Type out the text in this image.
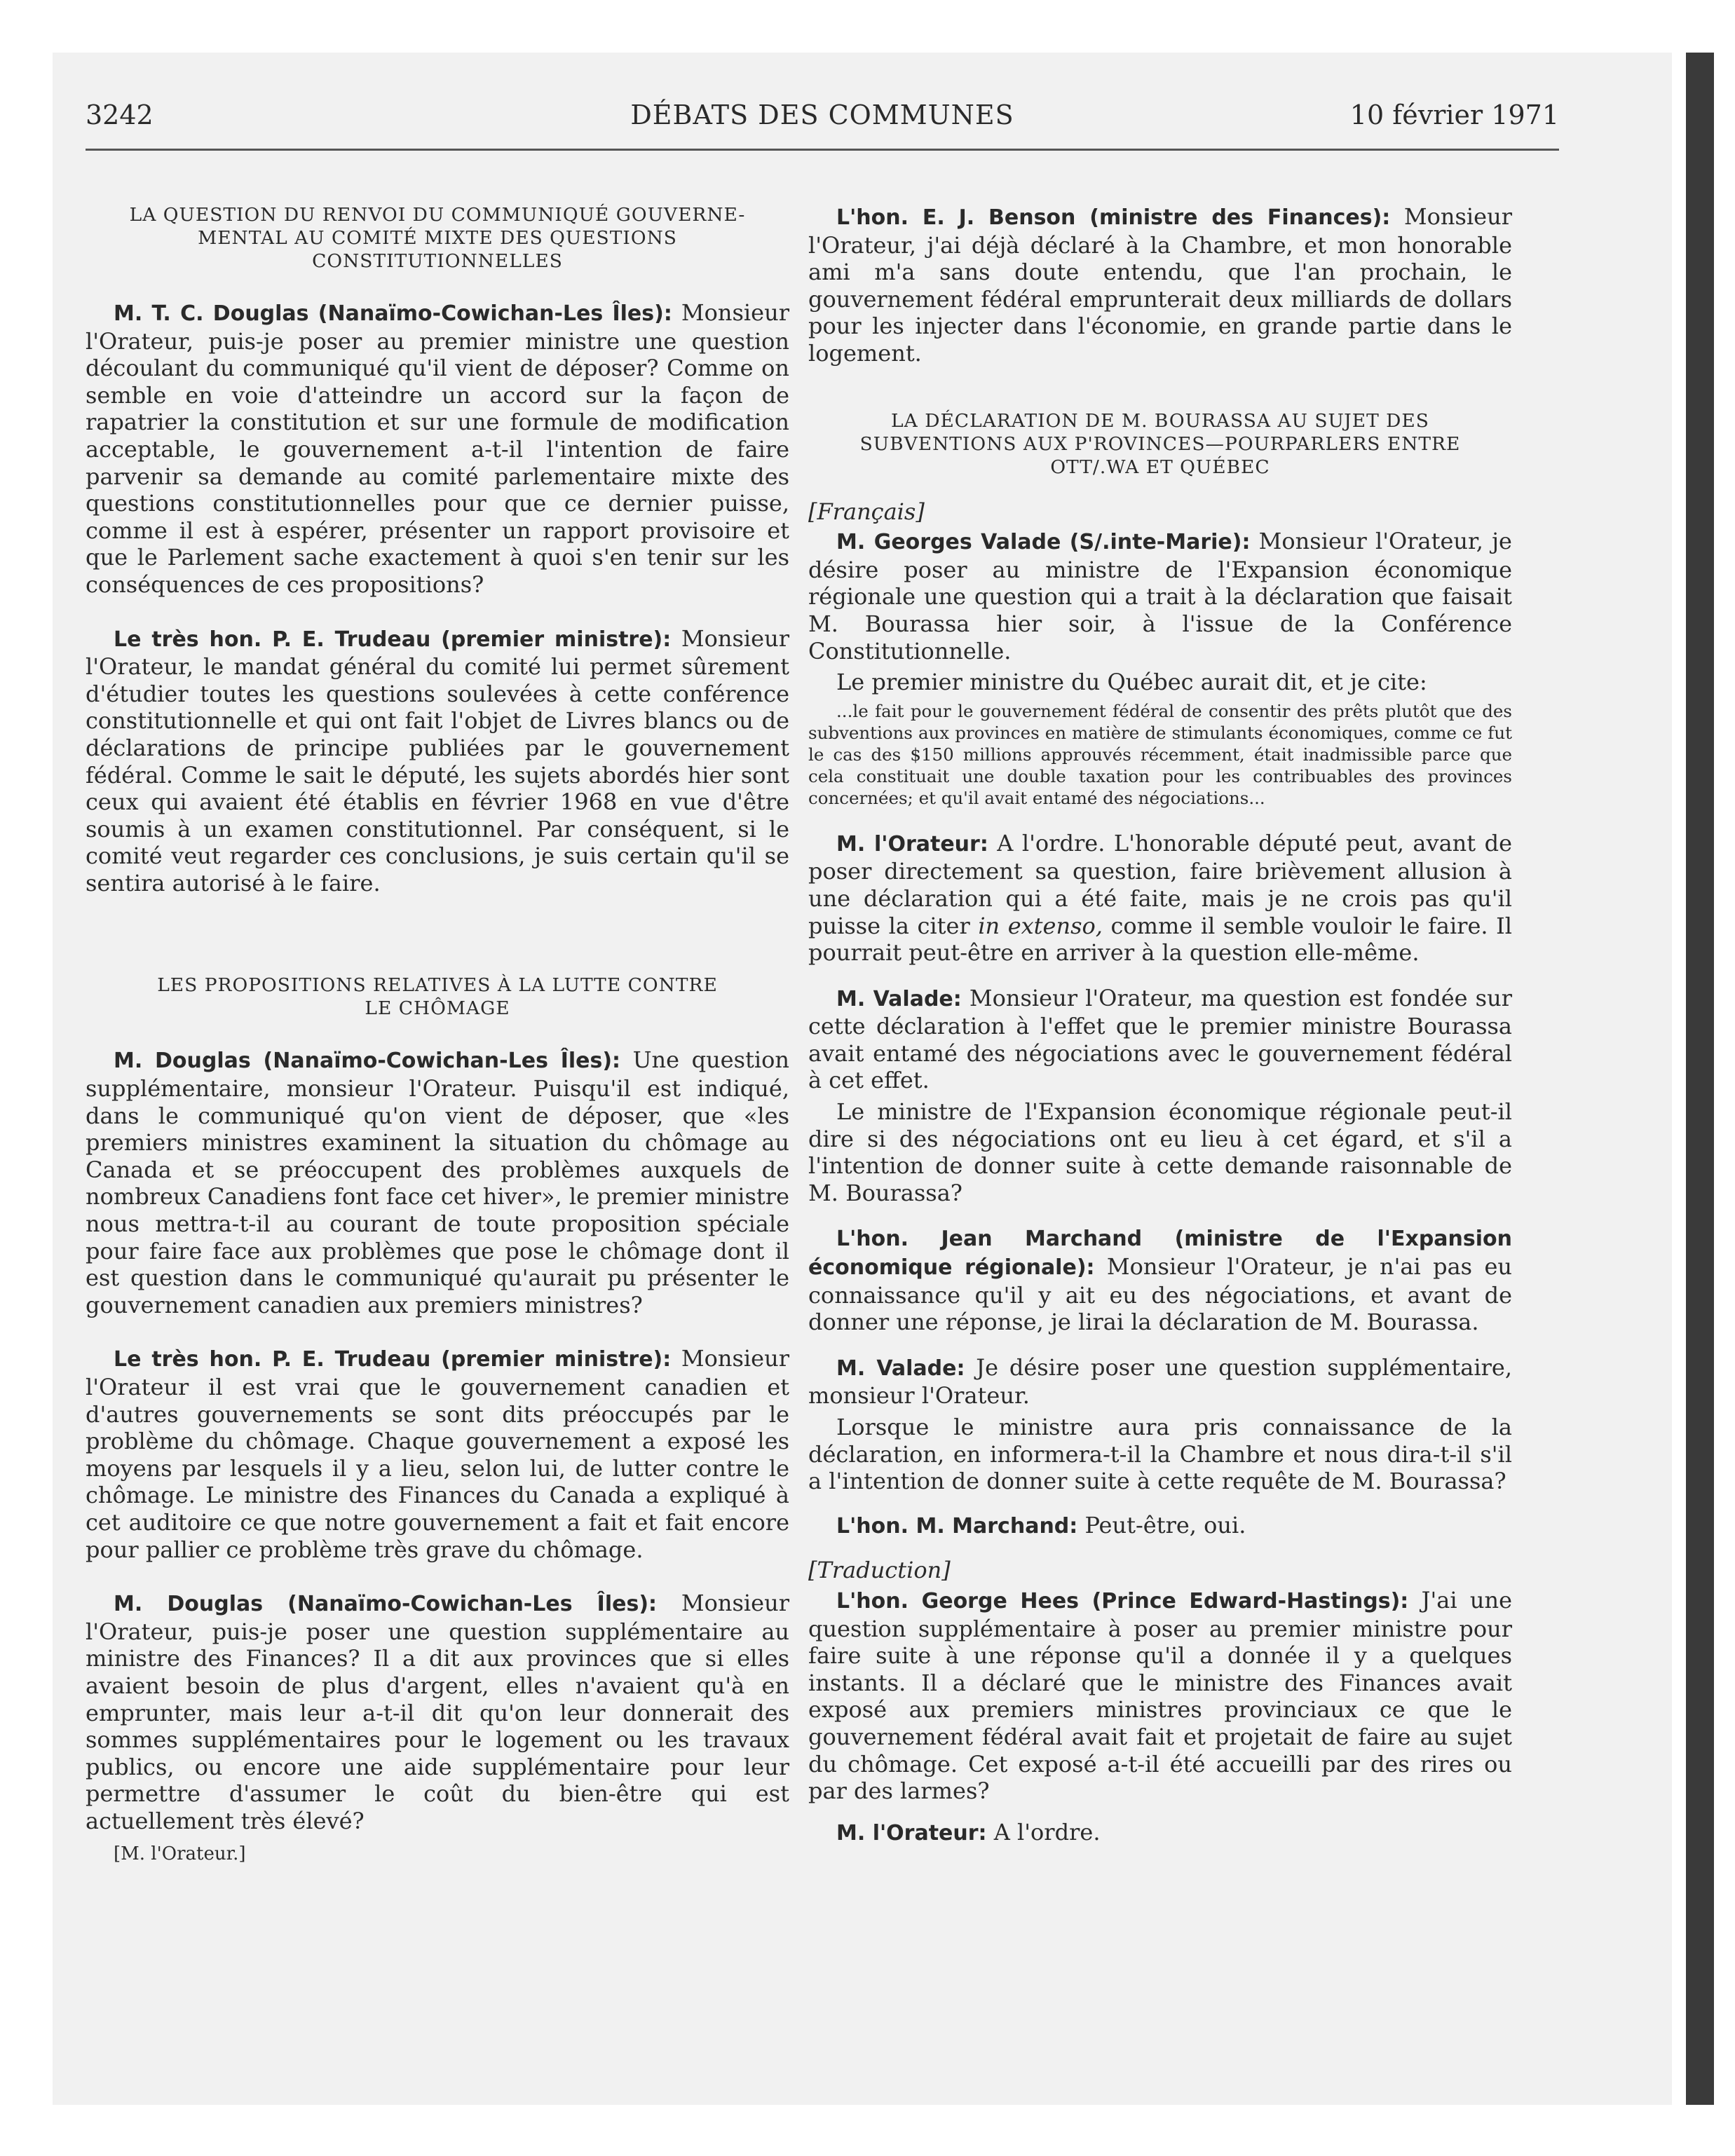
3242	DÉBATS DES COMMUNES	10 février 1971
LA QUESTION DU RENVOI DU COMMUNIQUÉ GOUVERNE-MENTAL AU COMITÉ MIXTE DES QUESTIONS CONSTITUTIONNELLES

M. T. C. Douglas (Nanaïmo-Cowichan-Les Îles): Monsieur l'Orateur, puis-je poser au premier ministre une question découlant du communiqué qu'il vient de déposer? Comme on semble en voie d'atteindre un accord sur la façon de rapatrier la constitution et sur une formule de modification acceptable, le gouvernement a-t-il l'intention de faire parvenir sa demande au comité parlementaire mixte des questions constitutionnelles pour que ce dernier puisse, comme il est à espérer, présenter un rapport provisoire et que le Parlement sache exactement à quoi s'en tenir sur les conséquences de ces propositions?

Le très hon. P. E. Trudeau (premier ministre): Monsieur l'Orateur, le mandat général du comité lui permet sûrement d'étudier toutes les questions soulevées à cette conférence constitutionnelle et qui ont fait l'objet de Livres blancs ou de déclarations de principe publiées par le gouvernement fédéral. Comme le sait le député, les sujets abordés hier sont ceux qui avaient été établis en février 1968 en vue d'être soumis à un examen constitutionnel. Par conséquent, si le comité veut regarder ces conclusions, je suis certain qu'il se sentira autorisé à le faire.

LES PROPOSITIONS RELATIVES À LA LUTTE CONTRE LE CHÔMAGE

M. Douglas (Nanaïmo-Cowichan-Les Îles): Une question supplémentaire, monsieur l'Orateur. Puisqu'il est indiqué, dans le communiqué qu'on vient de déposer, que «les premiers ministres examinent la situation du chômage au Canada et se préoccupent des problèmes auxquels de nombreux Canadiens font face cet hiver», le premier ministre nous mettra-t-il au courant de toute proposition spéciale pour faire face aux problèmes que pose le chômage dont il est question dans le communiqué qu'aurait pu présenter le gouvernement canadien aux premiers ministres?

Le très hon. P. E. Trudeau (premier ministre): Monsieur l'Orateur il est vrai que le gouvernement canadien et d'autres gouvernements se sont dits préoccupés par le problème du chômage. Chaque gouvernement a exposé les moyens par lesquels il y a lieu, selon lui, de lutter contre le chômage. Le ministre des Finances du Canada a expliqué à cet auditoire ce que notre gouvernement a fait et fait encore pour pallier ce problème très grave du chômage.

M. Douglas (Nanaïmo-Cowichan-Les Îles): Monsieur l'Orateur, puis-je poser une question supplémentaire au ministre des Finances? Il a dit aux provinces que si elles avaient besoin de plus d'argent, elles n'avaient qu'à en emprunter, mais leur a-t-il dit qu'on leur donnerait des sommes supplémentaires pour le logement ou les travaux publics, ou encore une aide supplémentaire pour leur permettre d'assumer le coût du bien-être qui est actuellement très élevé?

[M. l'Orateur.]

L'hon. E. J. Benson (ministre des Finances): Monsieur l'Orateur, j'ai déjà déclaré à la Chambre, et mon honorable ami m'a sans doute entendu, que l'an prochain, le gouvernement fédéral emprunterait deux milliards de dollars pour les injecter dans l'économie, en grande partie dans le logement.

LA DÉCLARATION DE M. BOURASSA AU SUJET DES SUBVENTIONS AUX P'ROVINCES—POURPARLERS ENTRE OTT/.WA ET QUÉBEC
[Français]

M. Georges Valade (S/.inte-Marie): Monsieur l'Orateur, je désire poser au ministre de l'Expansion économique régionale une question qui a trait à la déclaration que faisait M. Bourassa hier soir, à l'issue de la Conférence Constitutionnelle.

Le premier ministre du Québec aurait dit, et je cite:

...le fait pour le gouvernement fédéral de consentir des prêts plutôt que des subventions aux provinces en matière de stimulants économiques, comme ce fut le cas des $150 millions approuvés récemment, était inadmissible parce que cela constituait une double taxation pour les contribuables des provinces concernées; et qu'il avait entamé des négociations...

M. l'Orateur: A l'ordre. L'honorable député peut, avant de poser directement sa question, faire brièvement allusion à une déclaration qui a été faite, mais je ne crois pas qu'il puisse la citer in extenso, comme il semble vouloir le faire. Il pourrait peut-être en arriver à la question elle-même.

M. Valade: Monsieur l'Orateur, ma question est fondée sur cette déclaration à l'effet que le premier ministre Bourassa avait entamé des négociations avec le gouvernement fédéral à cet effet.

Le ministre de l'Expansion économique régionale peut-il dire si des négociations ont eu lieu à cet égard, et s'il a l'intention de donner suite à cette demande raisonnable de M. Bourassa?

L'hon. Jean Marchand (ministre de l'Expansion économique régionale): Monsieur l'Orateur, je n'ai pas eu connaissance qu'il y ait eu des négociations, et avant de donner une réponse, je lirai la déclaration de M. Bourassa.

M. Valade: Je désire poser une question supplémentaire, monsieur l'Orateur.

Lorsque le ministre aura pris connaissance de la déclaration, en informera-t-il la Chambre et nous dira-t-il s'il a l'intention de donner suite à cette requête de M. Bourassa?

L'hon. M. Marchand: Peut-être, oui.

[Traduction]

L'hon. George Hees (Prince Edward-Hastings): J'ai une question supplémentaire à poser au premier ministre pour faire suite à une réponse qu'il a donnée il y a quelques instants. Il a déclaré que le ministre des Finances avait exposé aux premiers ministres provinciaux ce que le gouvernement fédéral avait fait et projetait de faire au sujet du chômage. Cet exposé a-t-il été accueilli par des rires ou par des larmes?

M. l'Orateur: A l'ordre.
